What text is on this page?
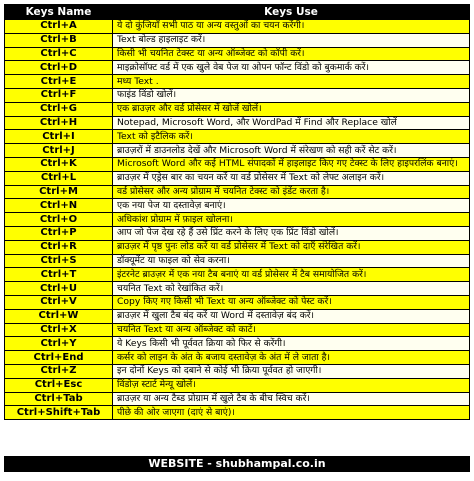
Keys Name	Keys Use
Ctrl+A	ये दो कुंजियाँ सभी पाठ या अन्य वस्तुओं का चयन करेंगी।
Ctrl+B	Text बोल्ड हाइलाइट करें।
Ctrl+C	किसी भी चयनित टेक्स्ट या अन्य ऑब्जेक्ट को कॉपी करें।
Ctrl+D	माइक्रोसॉफ्ट वर्ड में एक खुले वेब पेज या ओपन फॉन्ट विंडो को बुकमार्क करें।
Ctrl+E	मध्य Text .
Ctrl+F	फाइंड विंडो खोलें।
Ctrl+G	एक ब्राउज़र और वर्ड प्रोसेसर में खोजें खोलें।
Ctrl+H	Notepad, Microsoft Word, और WordPad में Find और Replace खोलें
Ctrl+I	Text को इटैलिक करें।
Ctrl+J	ब्राउज़रों में डाउनलोड देखें और Microsoft Word में संरेखण को सही करें सेट करें।
Ctrl+K	Microsoft Word और कई HTML संपादकों में हाइलाइट किए गए टेक्स्ट के लिए हाइपरलिंक बनाएं।
Ctrl+L	ब्राउज़र में एड्रेस बार का चयन करें या वर्ड प्रोसेसर में Text को लेफ्ट अलाइन करें।
Ctrl+M	वर्ड प्रोसेसर और अन्य प्रोग्राम में चयनित टेक्स्ट को इंडेंट करता है।
Ctrl+N	एक नया पेज या दस्तावेज़ बनाएं।
Ctrl+O	अधिकांश प्रोग्राम में फ़ाइल खोलना।
Ctrl+P	आप जो पेज देख रहे हैं उसे प्रिंट करने के लिए एक प्रिंट विंडो खोलें।
Ctrl+R	ब्राउज़र में पृष्ठ पुनः लोड करें या वर्ड प्रोसेसर में Text को दाएँ संरेखित करें।
Ctrl+S	डॉक्यूमेंट या फाइल को सेव करना।
Ctrl+T	इंटरनेट ब्राउज़र में एक नया टैब बनाएं या वर्ड प्रोसेसर में टैब समायोजित करें।
Ctrl+U	चयनित Text को रेखांकित करें।
Ctrl+V	Copy किए गए किसी भी Text या अन्य ऑब्जेक्ट को पेस्ट करें।
Ctrl+W	ब्राउज़र में खुला टैब बंद करें या Word में दस्तावेज़ बंद करें।
Ctrl+X	चयनित Text या अन्य ऑब्जेक्ट को काटें।
Ctrl+Y	ये Keys किसी भी पूर्ववत क्रिया को फिर से करेंगी।
Ctrl+End	कर्सर को लाइन के अंत के बजाय दस्तावेज़ के अंत में ले जाता है।
Ctrl+Z	इन दोनों Keys को दबाने से कोई भी क्रिया पूर्ववत हो जाएगी।
Ctrl+Esc	विंडोज़ स्टार्ट मेन्यू खोलें।
Ctrl+Tab	ब्राउज़र या अन्य टैब्ड प्रोग्राम में खुले टैब के बीच स्विच करें।
Ctrl+Shift+Tab	पीछे की ओर जाएगा (दाएं से बाएं)।
WEBSITE - shubhampal.co.in
